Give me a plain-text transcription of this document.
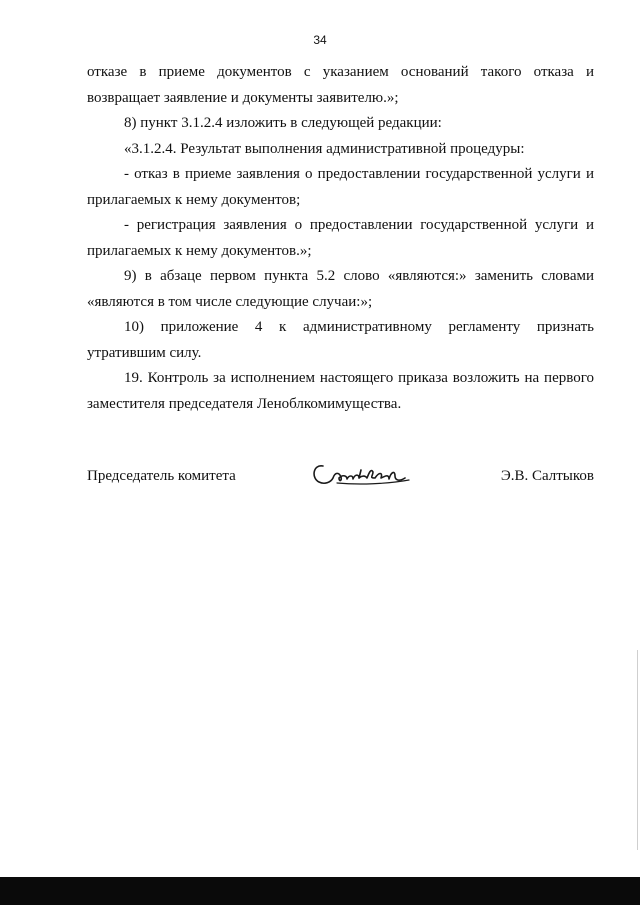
34

отказе в приеме документов с указанием оснований такого отказа и возвращает заявление и документы заявителю.»;

8) пункт 3.1.2.4 изложить в следующей редакции:

«3.1.2.4. Результат выполнения административной процедуры:

- отказ в приеме заявления о предоставлении государственной услуги и прилагаемых к нему документов;

- регистрация заявления о предоставлении государственной услуги и прилагаемых к нему документов.»;

9) в абзаце первом пункта 5.2 слово «являются:» заменить словами «являются в том числе следующие случаи:»;

10) приложение 4 к административному регламенту признать утратившим силу.

19. Контроль за исполнением настоящего приказа возложить на первого заместителя председателя Леноблкомимущества.

Председатель комитета	Э.В. Салтыков
